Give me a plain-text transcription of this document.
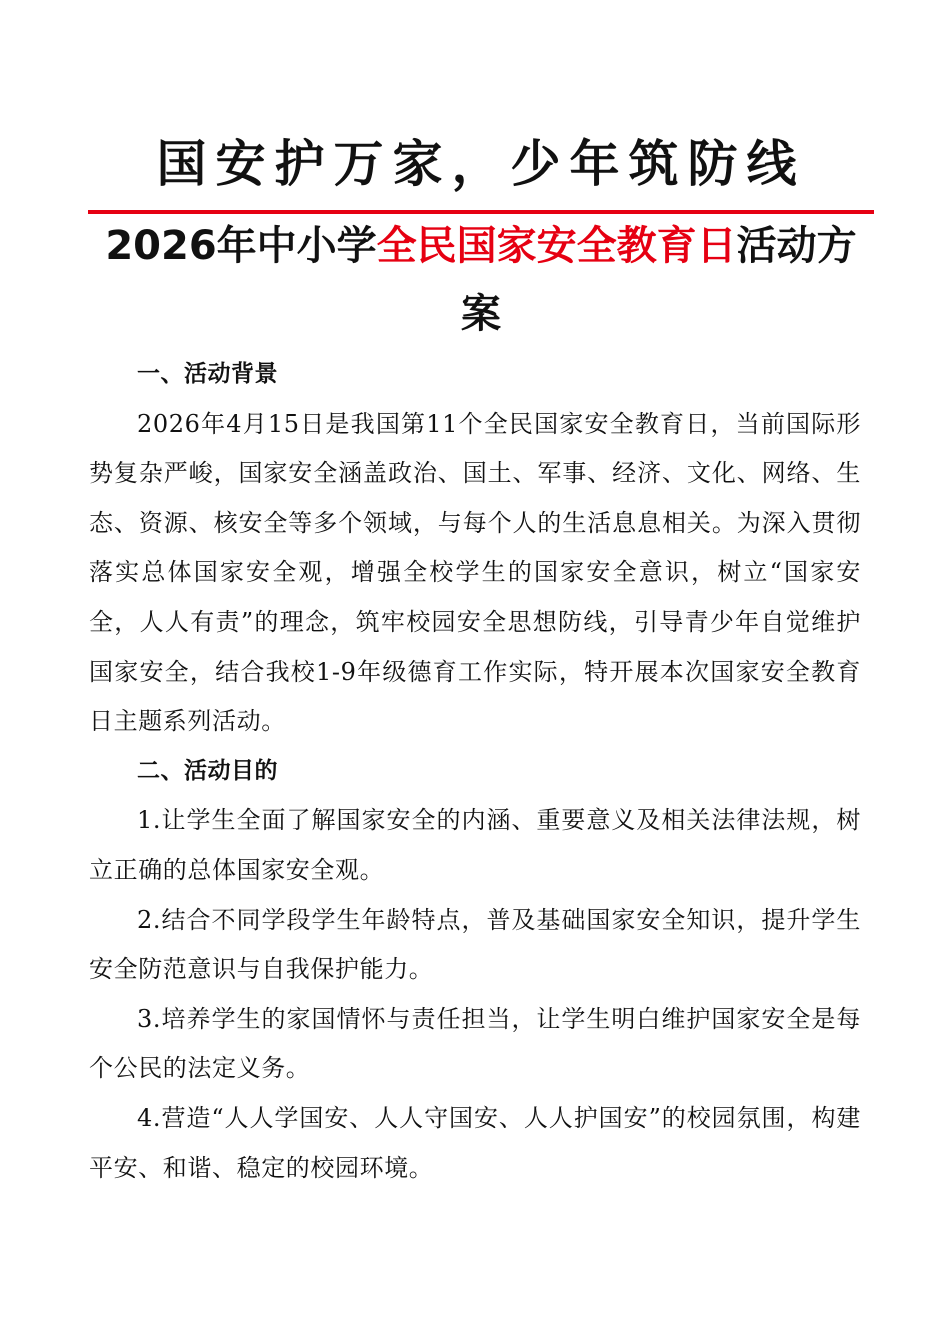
国安护万家，少年筑防线
2026年中小学全民国家安全教育日活动方案
一、活动背景

2026年4月15日是我国第11个全民国家安全教育日，当前国际形势复杂严峻，国家安全涵盖政治、国土、军事、经济、文化、网络、生态、资源、核安全等多个领域，与每个人的生活息息相关。为深入贯彻落实总体国家安全观，增强全校学生的国家安全意识，树立“国家安全，人人有责”的理念，筑牢校园安全思想防线，引导青少年自觉维护国家安全，结合我校1-9年级德育工作实际，特开展本次国家安全教育日主题系列活动。

二、活动目的

1.让学生全面了解国家安全的内涵、重要意义及相关法律法规，树立正确的总体国家安全观。

2.结合不同学段学生年龄特点，普及基础国家安全知识，提升学生安全防范意识与自我保护能力。

3.培养学生的家国情怀与责任担当，让学生明白维护国家安全是每个公民的法定义务。

4.营造“人人学国安、人人守国安、人人护国安”的校园氛围，构建平安、和谐、稳定的校园环境。
